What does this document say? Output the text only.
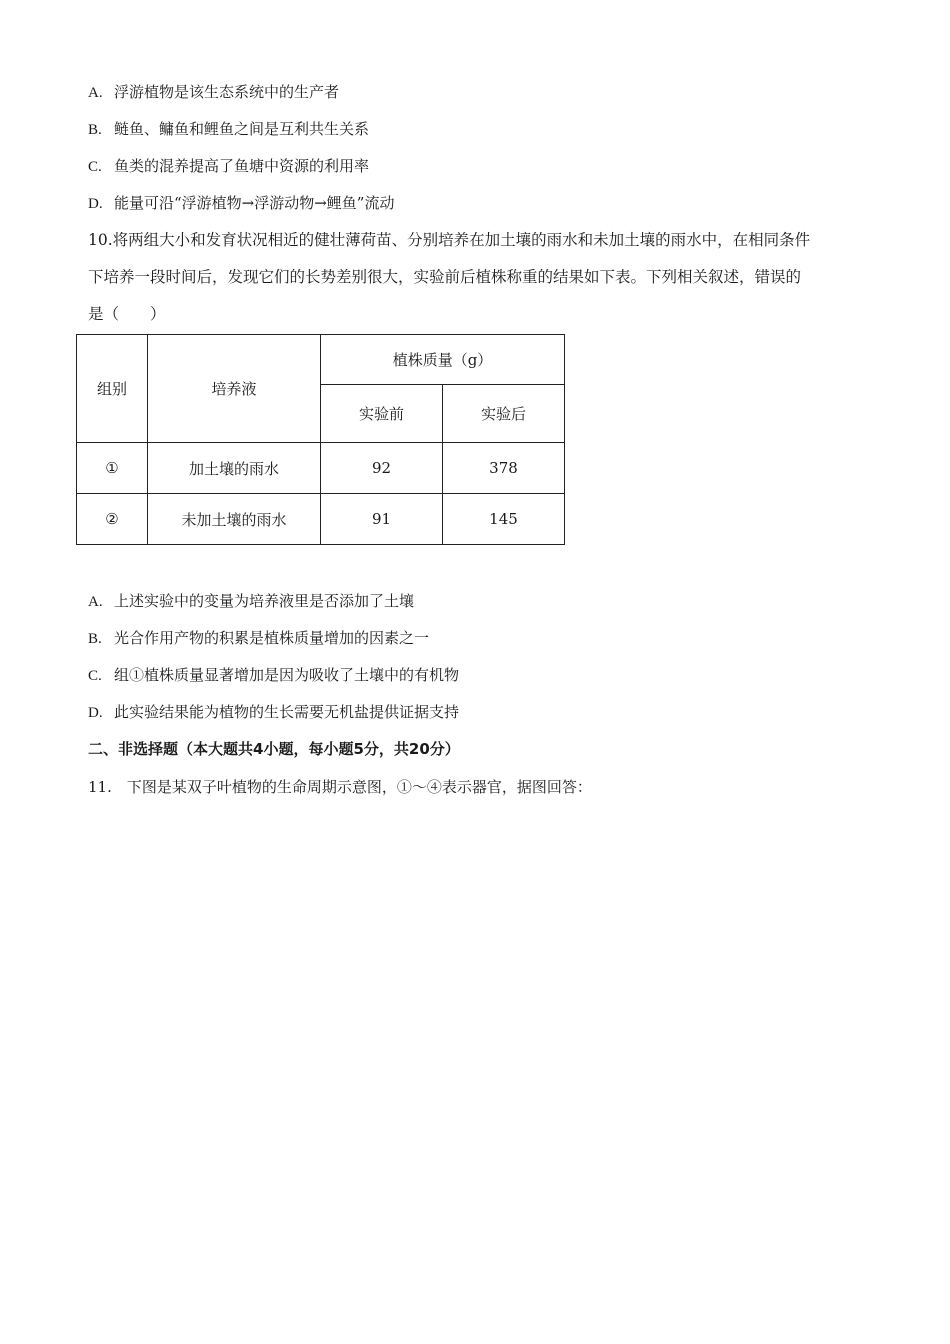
A. 浮游植物是该生态系统中的生产者
B. 鲢鱼、鳙鱼和鲤鱼之间是互利共生关系
C. 鱼类的混养提高了鱼塘中资源的利用率
D. 能量可沿“浮游植物→浮游动物→鲤鱼”流动
10.将两组大小和发育状况相近的健壮薄荷苗、分别培养在加土壤的雨水和未加土壤的雨水中，在相同条件
下培养一段时间后，发现它们的长势差别很大，实验前后植株称重的结果如下表。下列相关叙述，错误的
是（　　）
组别	培养液	植株质量（g）	
		实验前	实验后
①	加土壤的雨水	92	378
②	未加土壤的雨水	91	145
A. 上述实验中的变量为培养液里是否添加了土壤
B. 光合作用产物的积累是植株质量增加的因素之一
C. 组①植株质量显著增加是因为吸收了土壤中的有机物
D. 此实验结果能为植物的生长需要无机盐提供证据支持
二、非选择题（本大题共4小题，每小题5分，共20分）
11.　下图是某双子叶植物的生命周期示意图，①～④表示器官，据图回答：
